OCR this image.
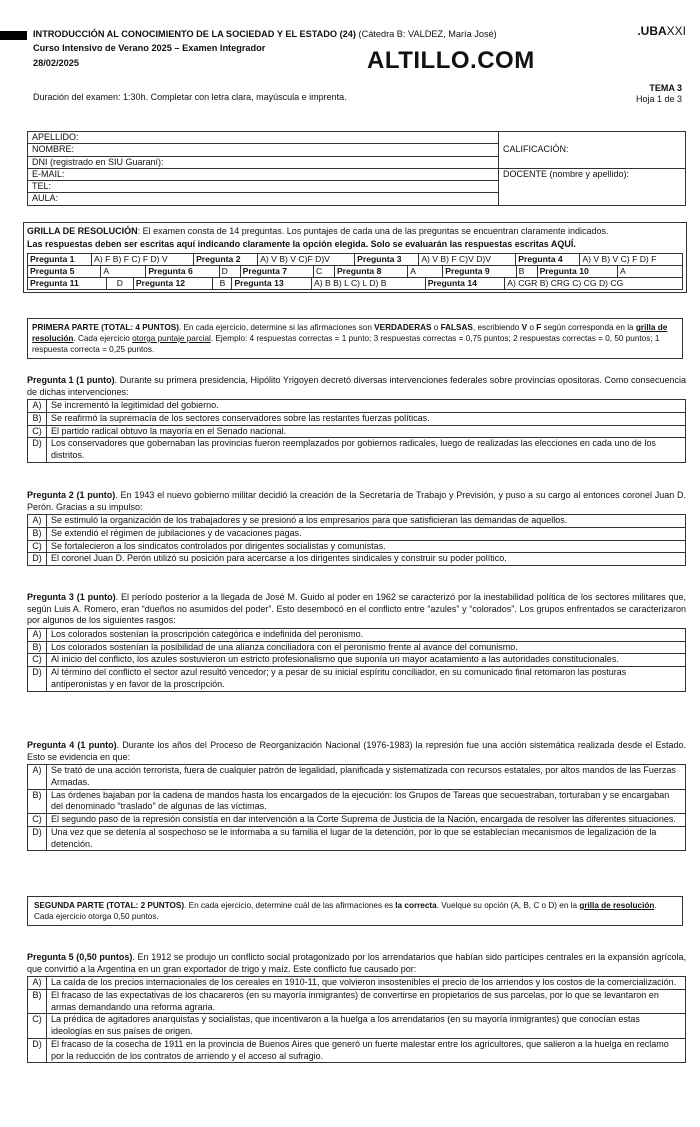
INTRODUCCIÓN AL CONOCIMIENTO DE LA SOCIEDAD Y EL ESTADO (24) (Cátedra B: VALDEZ, María José)
Curso Intensivo de Verano 2025 – Examen Integrador
28/02/2025
.UBAXXI
ALTILLO.COM
Duración del examen: 1:30h. Completar con letra clara, mayúscula e imprenta.
TEMA 3
Hoja 1 de 3
APELLIDO:	CALIFICACIÓN:
NOMBRE:	
DNI (registrado en SIU Guaraní):	
E-MAIL:	DOCENTE (nombre y apellido):
TEL:	
AULA:	

GRILLA DE RESOLUCIÓN: El examen consta de 14 preguntas. Los puntajes de cada una de las preguntas se encuentran claramente indicados.

Las respuestas deben ser escritas aquí indicando claramente la opción elegida. Solo se evaluarán las respuestas escritas AQUÍ.

Pregunta 1	A) F B) F C) F D) V	Pregunta 2	A) V B) V C)F D)V	Pregunta 3	A) V B) F C)V D)V	Pregunta 4	A) V B) V C) F D) F
Pregunta 5	A	Pregunta 6	D	Pregunta 7	C	Pregunta 8	A	Pregunta 9	B	Pregunta 10	A
Pregunta 11	D	Pregunta 12	B	Pregunta 13	A) B B) L C) L D) B	Pregunta 14	A) CGR B) CRG C) CG D) CG
PRIMERA PARTE (TOTAL: 4 PUNTOS). En cada ejercicio, determine si las afirmaciones son VERDADERAS o FALSAS, escribiendo V o F según corresponda en la grilla de resolución. Cada ejercicio otorga puntaje parcial. Ejemplo: 4 respuestas correctas = 1 punto; 3 respuestas correctas = 0,75 puntos; 2 respuestas correctas = 0, 50 puntos; 1 respuesta correcta = 0,25 puntos.

Pregunta 1 (1 punto). Durante su primera presidencia, Hipólito Yrigoyen decretó diversas intervenciones federales sobre provincias opositoras. Como consecuencia de dichas intervenciones:

A)	Se incrementó la legitimidad del gobierno.
B)	Se reafirmó la supremacía de los sectores conservadores sobre las restantes fuerzas políticas.
C)	El partido radical obtuvo la mayoría en el Senado nacional.
D)	Los conservadores que gobernaban las provincias fueron reemplazados por gobiernos radicales, luego de realizadas las elecciones en cada uno de los distritos.

Pregunta 2 (1 punto). En 1943 el nuevo gobierno militar decidió la creación de la Secretaría de Trabajo y Previsión, y puso a su cargo al entonces coronel Juan D. Perón. Gracias a su impulso:

A)	Se estimuló la organización de los trabajadores y se presionó a los empresarios para que satisficieran las demandas de aquellos.
B)	Se extendió el régimen de jubilaciones y de vacaciones pagas.
C)	Se fortalecieron a los sindicatos controlados por dirigentes socialistas y comunistas.
D)	El coronel Juan D. Perón utilizó su posición para acercarse a los dirigentes sindicales y construir su poder político.

Pregunta 3 (1 punto). El período posterior a la llegada de José M. Guido al poder en 1962 se caracterizó por la inestabilidad política de los sectores militares que, según Luis A. Romero, eran “dueños no asumidos del poder”. Esto desembocó en el conflicto entre “azules” y “colorados”. Los grupos enfrentados se caracterizaron por algunos de los siguientes rasgos:

A)	Los colorados sostenían la proscripción categórica e indefinida del peronismo.
B)	Los colorados sostenían la posibilidad de una alianza conciliadora con el peronismo frente al avance del comunismo.
C)	Al inicio del conflicto, los azules sostuvieron un estricto profesionalismo que suponía un mayor acatamiento a las autoridades constitucionales.
D)	Al término del conflicto el sector azul resultó vencedor; y a pesar de su inicial espíritu conciliador, en su comunicado final retomaron las posturas antiperonistas y en favor de la proscripción.

Pregunta 4 (1 punto). Durante los años del Proceso de Reorganización Nacional (1976-1983) la represión fue una acción sistemática realizada desde el Estado. Esto se evidencia en que:

A)	Se trató de una acción terrorista, fuera de cualquier patrón de legalidad, planificada y sistematizada con recursos estatales, por altos mandos de las Fuerzas Armadas.
B)	Las órdenes bajaban por la cadena de mandos hasta los encargados de la ejecución: los Grupos de Tareas que secuestraban, torturaban y se encargaban del denominado “traslado” de algunas de las víctimas.
C)	El segundo paso de la represión consistía en dar intervención a la Corte Suprema de Justicia de la Nación, encargada de resolver las diferentes situaciones.
D)	Una vez que se detenía al sospechoso se le informaba a su familia el lugar de la detención, por lo que se establecían mecanismos de legalización de la detención.
SEGUNDA PARTE (TOTAL: 2 PUNTOS). En cada ejercicio, determine cuál de las afirmaciones es la correcta. Vuelque su opción (A, B, C o D) en la grilla de resolución. Cada ejercicio otorga 0,50 puntos.

Pregunta 5 (0,50 puntos). En 1912 se produjo un conflicto social protagonizado por los arrendatarios que habían sido partícipes centrales en la expansión agrícola, que convirtió a la Argentina en un gran exportador de trigo y maíz. Este conflicto fue causado por:

A)	La caída de los precios internacionales de los cereales en 1910-11, que volvieron insostenibles el precio de los arriendos y los costos de la comercialización.
B)	El fracaso de las expectativas de los chacareros (en su mayoría inmigrantes) de convertirse en propietarios de sus parcelas, por lo que se levantaron en armas demandando una reforma agraria.
C)	La prédica de agitadores anarquistas y socialistas, que incentivaron a la huelga a los arrendatarios (en su mayoría inmigrantes) que conocían estas ideologías en sus países de origen.
D)	El fracaso de la cosecha de 1911 en la provincia de Buenos Aires que generó un fuerte malestar entre los agricultores, que salieron a la huelga en reclamo por la reducción de los contratos de arriendo y el acceso al sufragio.
